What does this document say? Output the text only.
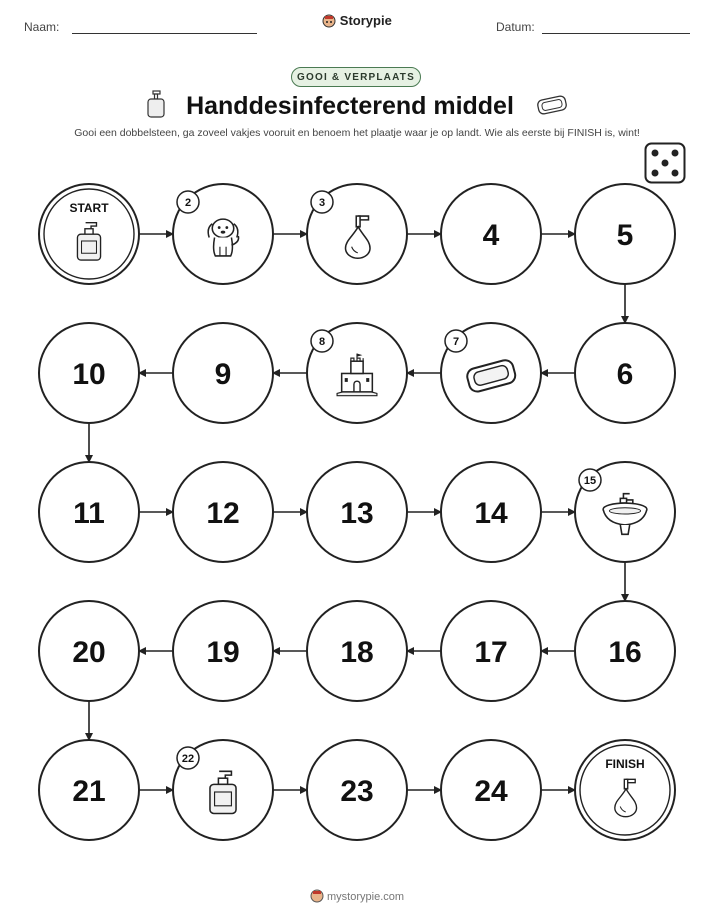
Naam:	Datum:
Storypie
GOOI & VERPLAATS
Handdesinfecterend middel
Gooi een dobbelsteen, ga zoveel vakjes vooruit en benoem het plaatje waar je op landt. Wie als eerste bij FINISH is, wint!
START	2	3
4	5
6
7
8
9
10
11	12	13	14
15
16
17
18
19
20
21
22
23	24
FINISH
mystorypie.com
